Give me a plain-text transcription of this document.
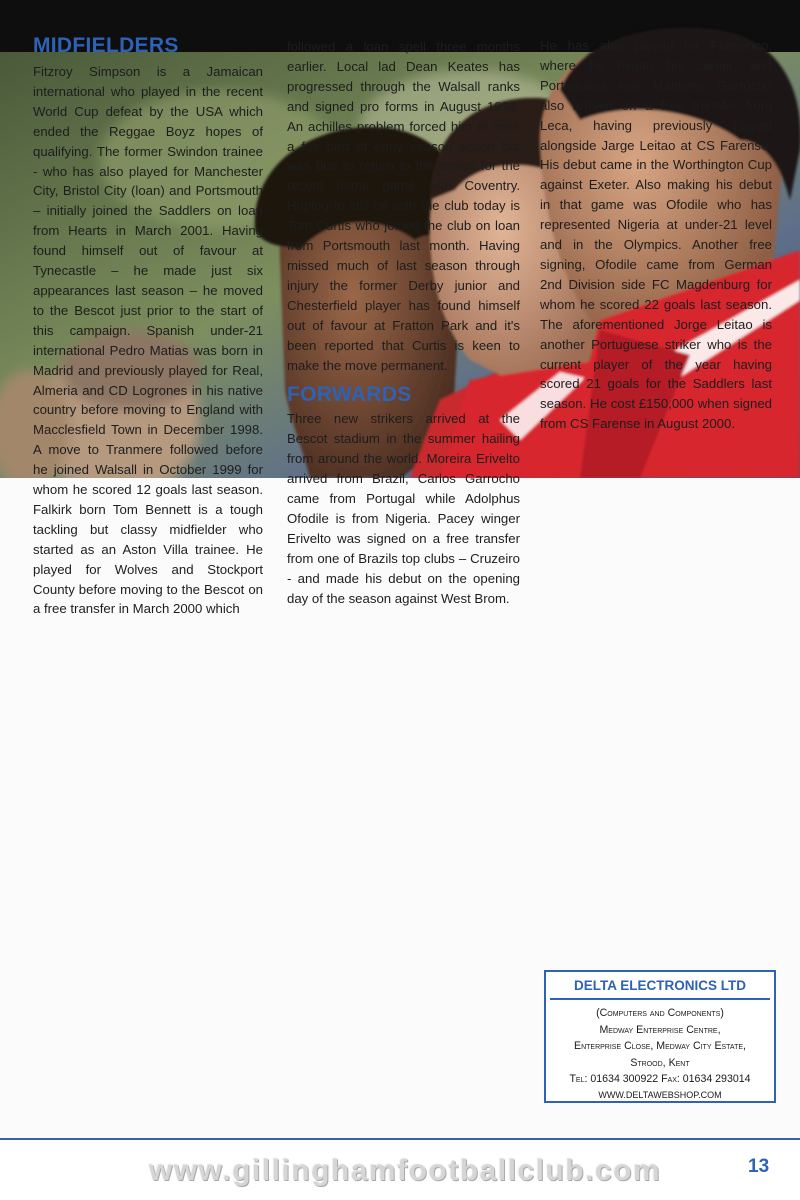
MIDFIELDERS

Fitzroy Simpson is a Jamaican international who played in the recent World Cup defeat by the USA which ended the Reggae Boyz hopes of qualifying. The former Swindon trainee - who has also played for Manchester City, Bristol City (loan) and Portsmouth – initially joined the Saddlers on loan from Hearts in March 2001. Having found himself out of favour at Tynecastle – he made just six appearances last season – he moved to the Bescot just prior to the start of this campaign. Spanish under-21 international Pedro Matias was born in Madrid and previously played for Real, Almeria and CD Logrones in his native country before moving to England with Macclesfield Town in December 1998. A move to Tranmere followed before he joined Walsall in October 1999 for whom he scored 12 goals last season. Falkirk born Tom Bennett is a tough tackling but classy midfielder who started as an Aston Villa trainee. He played for Wolves and Stockport County before moving to the Bescot on a free transfer in March 2000 which

followed a loan spell three months earlier. Local lad Dean Keates has progressed through the Walsall ranks and signed pro forms in August 1996. An achilles problem forced him to miss a fair part of early season action but was due to return to the squad for the recent home game with Coventry. Hoping to still be with the club today is Tom Curtis who joined the club on loan from Portsmouth last month. Having missed much of last season through injury the former Derby junior and Chesterfield player has found himself out of favour at Fratton Park and it's been reported that Curtis is keen to make the move permanent.

FORWARDS

Three new strikers arrived at the Bescot stadium in the summer hailing from around the world. Moreira Erivelto arrived from Brazil, Carlos Garrocho came from Portugal while Adolphus Ofodile is from Nigeria. Pacey winger Erivelto was signed on a free transfer from one of Brazils top clubs – Cruzeiro - and made his debut on the opening day of the season against West Brom.

He has also played for Flamenco, where he began his career, and Portuguese side Maritimo. Garrocho also arrived on a free transfer from Leca, having previously played alongside Jarge Leitao at CS Farense. His debut came in the Worthington Cup against Exeter. Also making his debut in that game was Ofodile who has represented Nigeria at under-21 level and in the Olympics. Another free signing, Ofodile came from German 2nd Division side FC Magdenburg for whom he scored 22 goals last season. The aforementioned Jorge Leitao is another Portuguese striker who is the current player of the year having scored 21 goals for the Saddlers last season. He cost £150,000 when signed from CS Farense in August 2000.

DELTA ELECTRONICS LTD
(Computers and Components)
Medway Enterprise Centre,
Enterprise Close, Medway City Estate,
Strood, Kent
Tel: 01634 300922 Fax: 01634 293014
WWW.DELTAWEBSHOP.COM
www.gillinghamfootballclub.com	13
